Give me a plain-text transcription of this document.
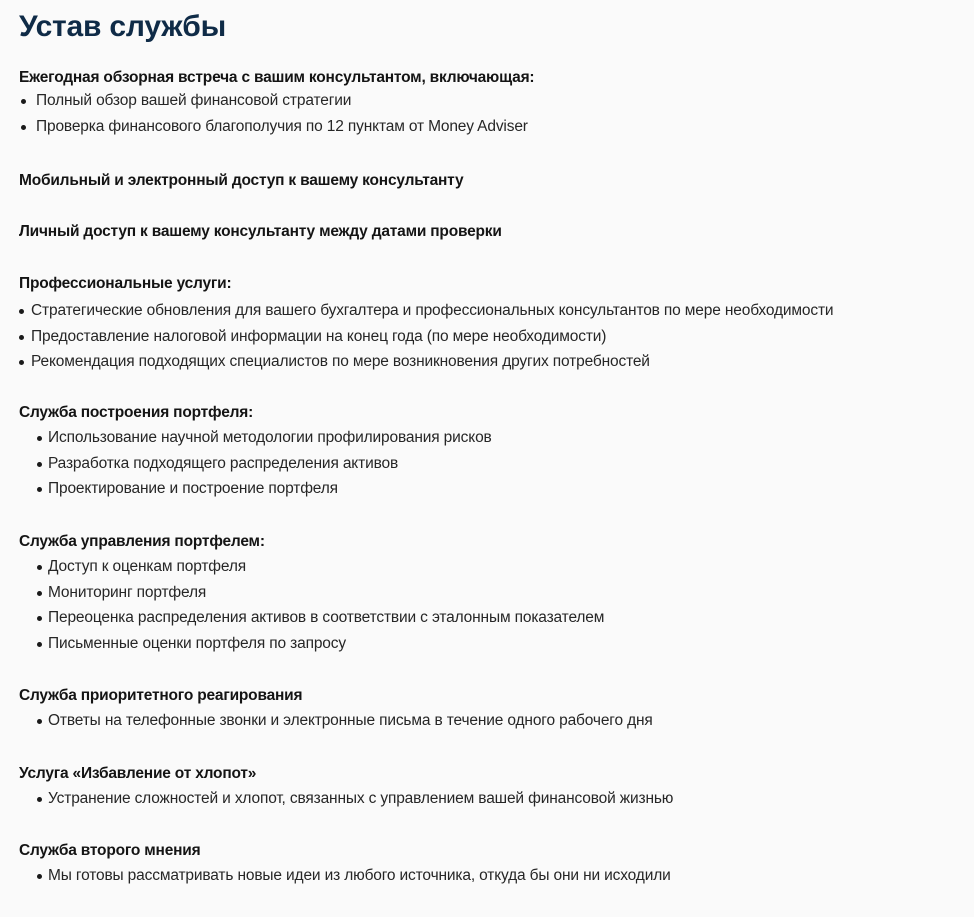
Устав службы
Ежегодная обзорная встреча с вашим консультантом, включающая:
Полный обзор вашей финансовой стратегии
Проверка финансового благополучия по 12 пунктам от Money Adviser
Мобильный и электронный доступ к вашему консультанту
Личный доступ к вашему консультанту между датами проверки
Профессиональные услуги:
Стратегические обновления для вашего бухгалтера и профессиональных консультантов по мере необходимости
Предоставление налоговой информации на конец года (по мере необходимости)
Рекомендация подходящих специалистов по мере возникновения других потребностей
Служба построения портфеля:
Использование научной методологии профилирования рисков
Разработка подходящего распределения активов
Проектирование и построение портфеля
Служба управления портфелем:
Доступ к оценкам портфеля
Мониторинг портфеля
Переоценка распределения активов в соответствии с эталонным показателем
Письменные оценки портфеля по запросу
Служба приоритетного реагирования
Ответы на телефонные звонки и электронные письма в течение одного рабочего дня
Услуга «Избавление от хлопот»
Устранение сложностей и хлопот, связанных с управлением вашей финансовой жизнью
Служба второго мнения
Мы готовы рассматривать новые идеи из любого источника, откуда бы они ни исходили
